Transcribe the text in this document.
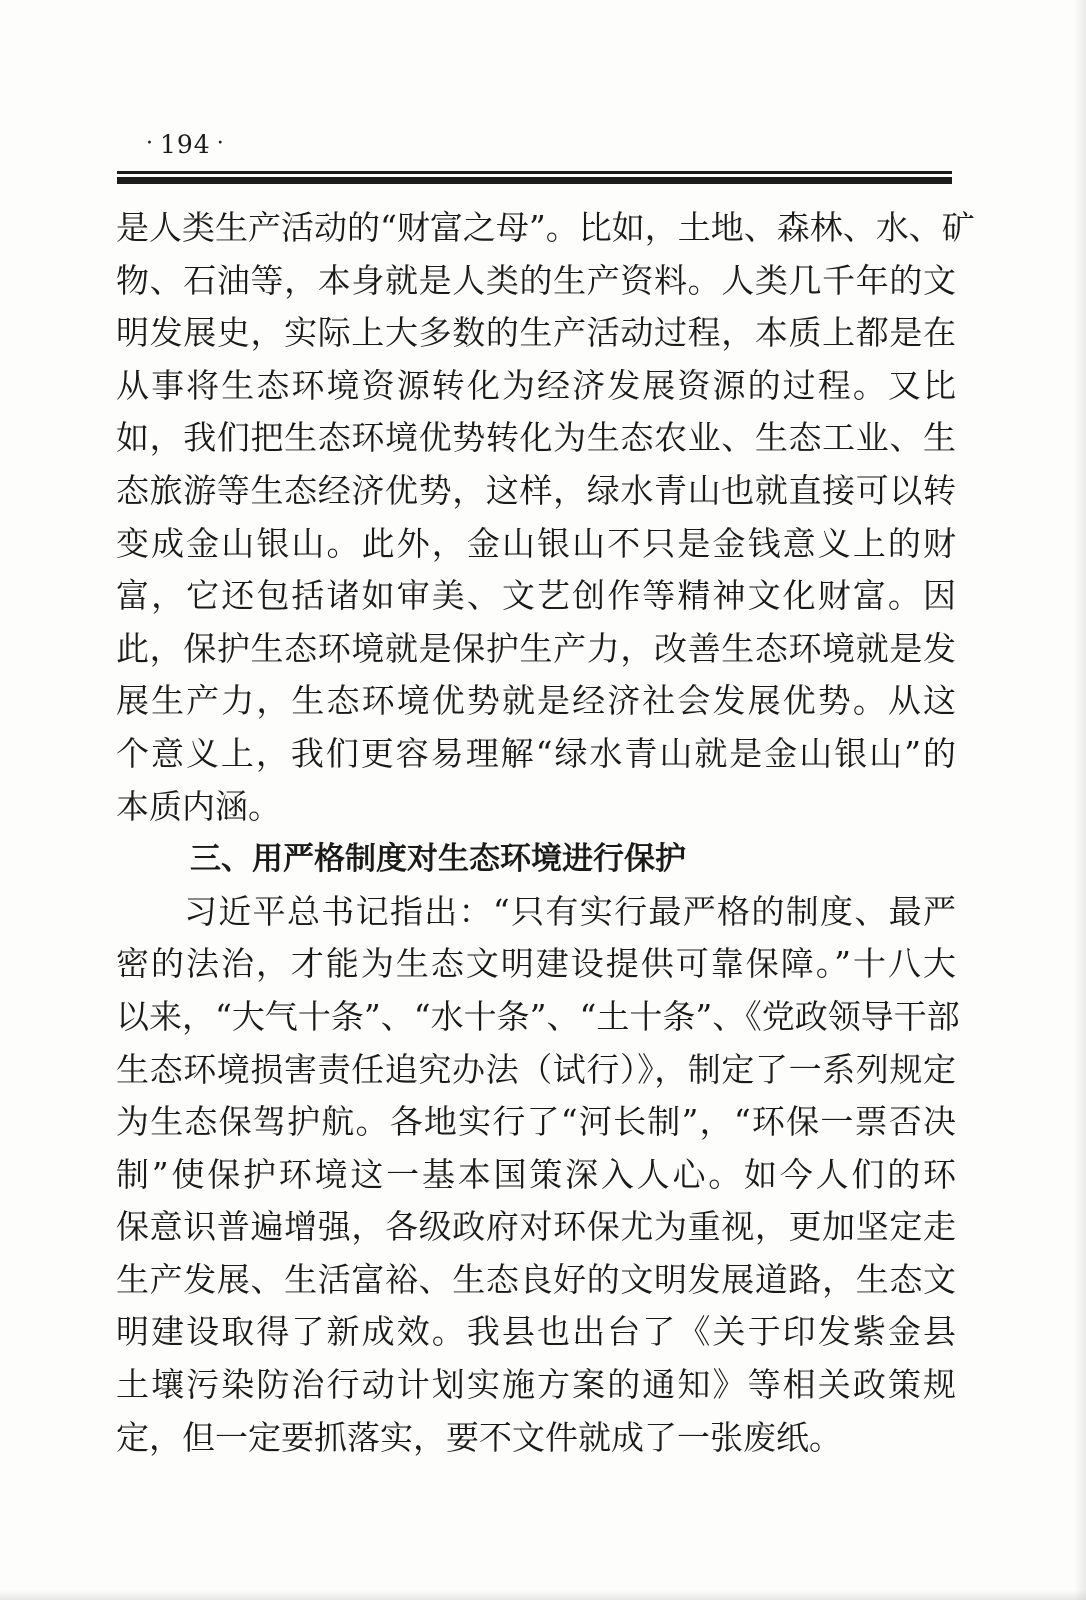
· 194 ·
是人类生产活动的“财富之母”。比如，土地、森林、水、矿
物、石油等，本身就是人类的生产资料。人类几千年的文
明发展史，实际上大多数的生产活动过程，本质上都是在
从事将生态环境资源转化为经济发展资源的过程。又比
如，我们把生态环境优势转化为生态农业、生态工业、生
态旅游等生态经济优势，这样，绿水青山也就直接可以转
变成金山银山。此外，金山银山不只是金钱意义上的财
富，它还包括诸如审美、文艺创作等精神文化财富。因
此，保护生态环境就是保护生产力，改善生态环境就是发
展生产力，生态环境优势就是经济社会发展优势。从这
个意义上，我们更容易理解“绿水青山就是金山银山”的
本质内涵。
三、用严格制度对生态环境进行保护
习近平总书记指出：“只有实行最严格的制度、最严
密的法治，才能为生态文明建设提供可靠保障。”十八大
以来，“大气十条”、“水十条”、“土十条”、《党政领导干部
生态环境损害责任追究办法（试行）》，制定了一系列规定
为生态保驾护航。各地实行了“河长制”，“环保一票否决
制”使保护环境这一基本国策深入人心。如今人们的环
保意识普遍增强，各级政府对环保尤为重视，更加坚定走
生产发展、生活富裕、生态良好的文明发展道路，生态文
明建设取得了新成效。我县也出台了《关于印发紫金县
土壤污染防治行动计划实施方案的通知》等相关政策规
定，但一定要抓落实，要不文件就成了一张废纸。
